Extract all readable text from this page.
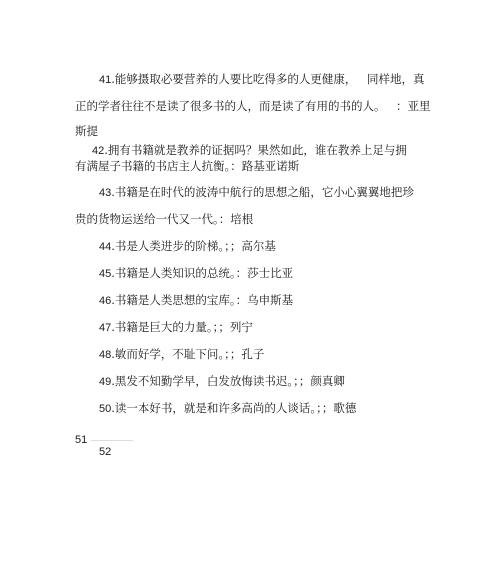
41.能够摄取必要营养的人要比吃得多的人更健康， 同样地，真
正的学者往往不是读了很多书的人，而是读了有用的书的人。 ：亚里
斯提
42.拥有书籍就是教养的证据吗？果然如此，谁在教养上足与拥
有满屋子书籍的书店主人抗衡。：路基亚诺斯
43.书籍是在时代的波涛中航行的思想之船，它小心翼翼地把珍
贵的货物运送给一代又一代。：培根
44.书是人类进步的阶梯。；；高尔基
45.书籍是人类知识的总统。：莎士比亚
46.书籍是人类思想的宝库。：乌申斯基
47.书籍是巨大的力量。；；列宁
48.敏而好学，不耻下问。；；孔子
49.黑发不知勤学早，白发放悔读书迟。；；颜真卿
50.读一本好书，就是和许多高尚的人谈话。；；歌德
51
52
